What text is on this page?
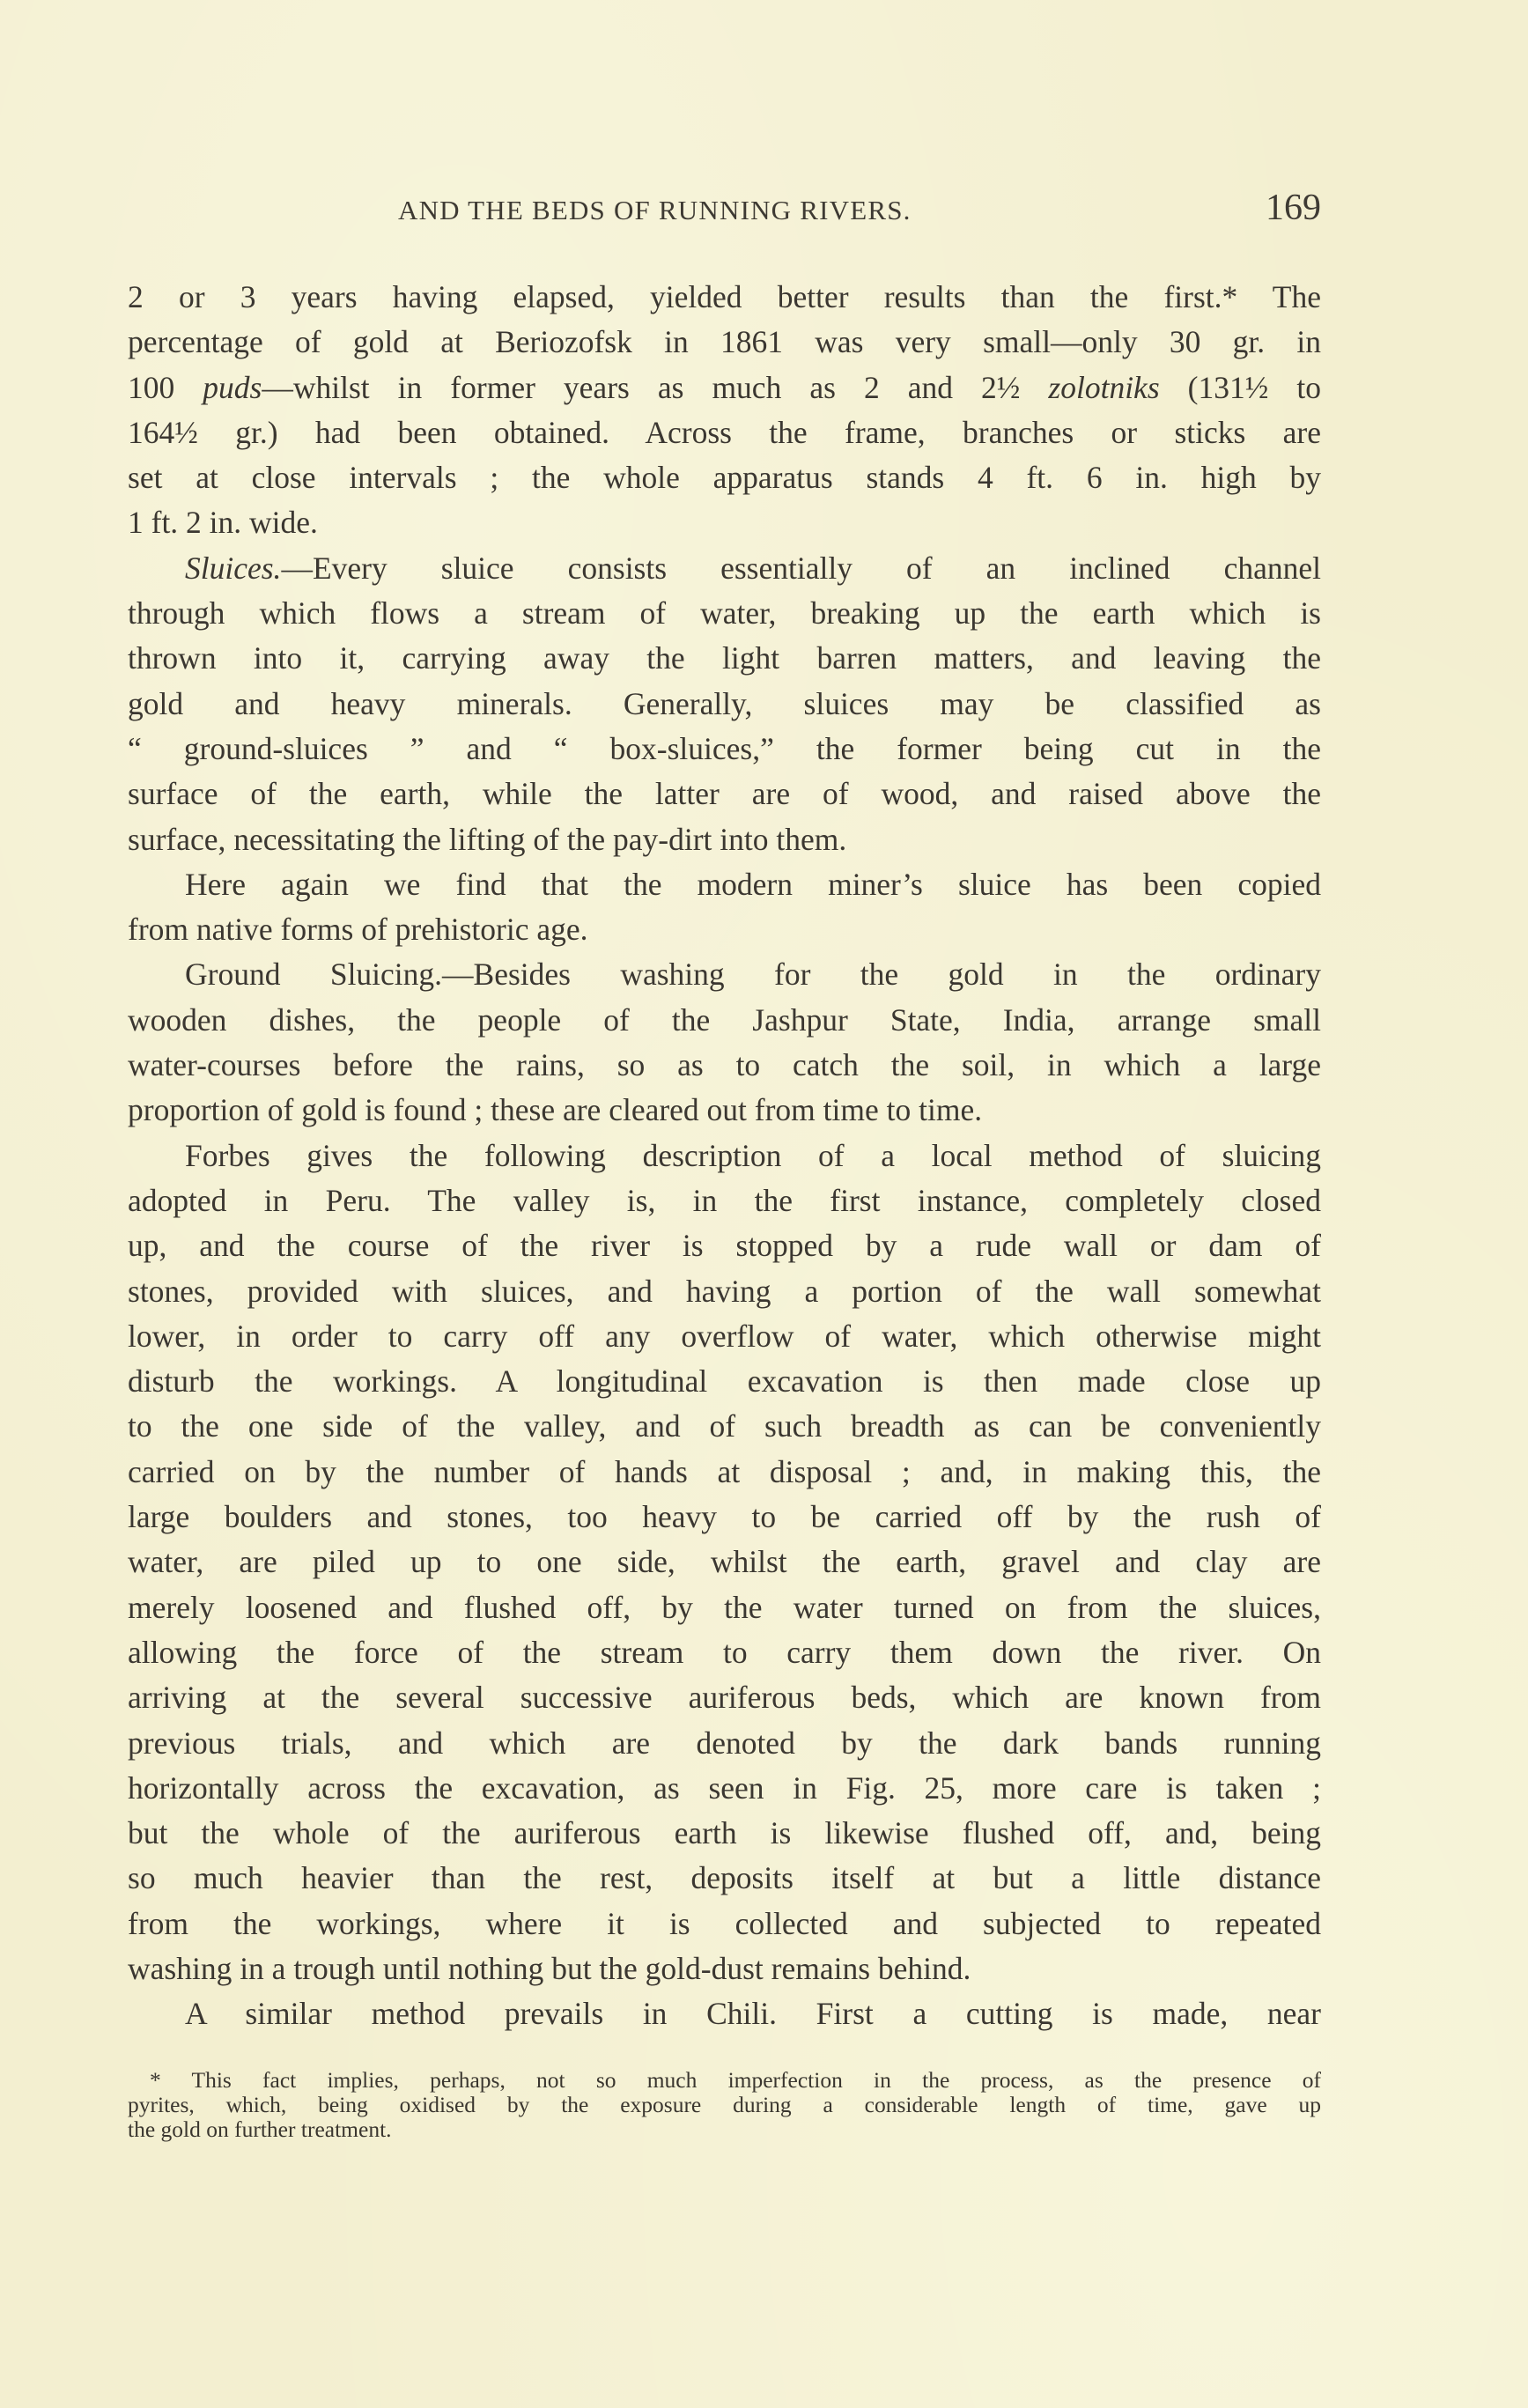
AND THE BEDS OF RUNNING RIVERS.	169
2 or 3 years having elapsed, yielded better results than the first.* The
percentage of gold at Beriozofsk in 1861 was very small—only 30 gr. in
100 puds—whilst in former years as much as 2 and 2½ zolotniks (131½ to
164½ gr.) had been obtained. Across the frame, branches or sticks are
set at close intervals ; the whole apparatus stands 4 ft. 6 in. high by
1 ft. 2 in. wide.
Sluices.—Every sluice consists essentially of an inclined channel
through which flows a stream of water, breaking up the earth which is
thrown into it, carrying away the light barren matters, and leaving the
gold and heavy minerals. Generally, sluices may be classified as
“ ground-sluices ” and “ box-sluices,” the former being cut in the
surface of the earth, while the latter are of wood, and raised above the
surface, necessitating the lifting of the pay-dirt into them.
Here again we find that the modern miner’s sluice has been copied
from native forms of prehistoric age.
Ground Sluicing.—Besides washing for the gold in the ordinary
wooden dishes, the people of the Jashpur State, India, arrange small
water-courses before the rains, so as to catch the soil, in which a large
proportion of gold is found ; these are cleared out from time to time.
Forbes gives the following description of a local method of sluicing
adopted in Peru. The valley is, in the first instance, completely closed
up, and the course of the river is stopped by a rude wall or dam of
stones, provided with sluices, and having a portion of the wall somewhat
lower, in order to carry off any overflow of water, which otherwise might
disturb the workings. A longitudinal excavation is then made close up
to the one side of the valley, and of such breadth as can be conveniently
carried on by the number of hands at disposal ; and, in making this, the
large boulders and stones, too heavy to be carried off by the rush of
water, are piled up to one side, whilst the earth, gravel and clay are
merely loosened and flushed off, by the water turned on from the sluices,
allowing the force of the stream to carry them down the river. On
arriving at the several successive auriferous beds, which are known from
previous trials, and which are denoted by the dark bands running
horizontally across the excavation, as seen in Fig. 25, more care is taken ;
but the whole of the auriferous earth is likewise flushed off, and, being
so much heavier than the rest, deposits itself at but a little distance
from the workings, where it is collected and subjected to repeated
washing in a trough until nothing but the gold-dust remains behind.
A similar method prevails in Chili. First a cutting is made, near
* This fact implies, perhaps, not so much imperfection in the process, as the presence of
pyrites, which, being oxidised by the exposure during a considerable length of time, gave up
the gold on further treatment.
